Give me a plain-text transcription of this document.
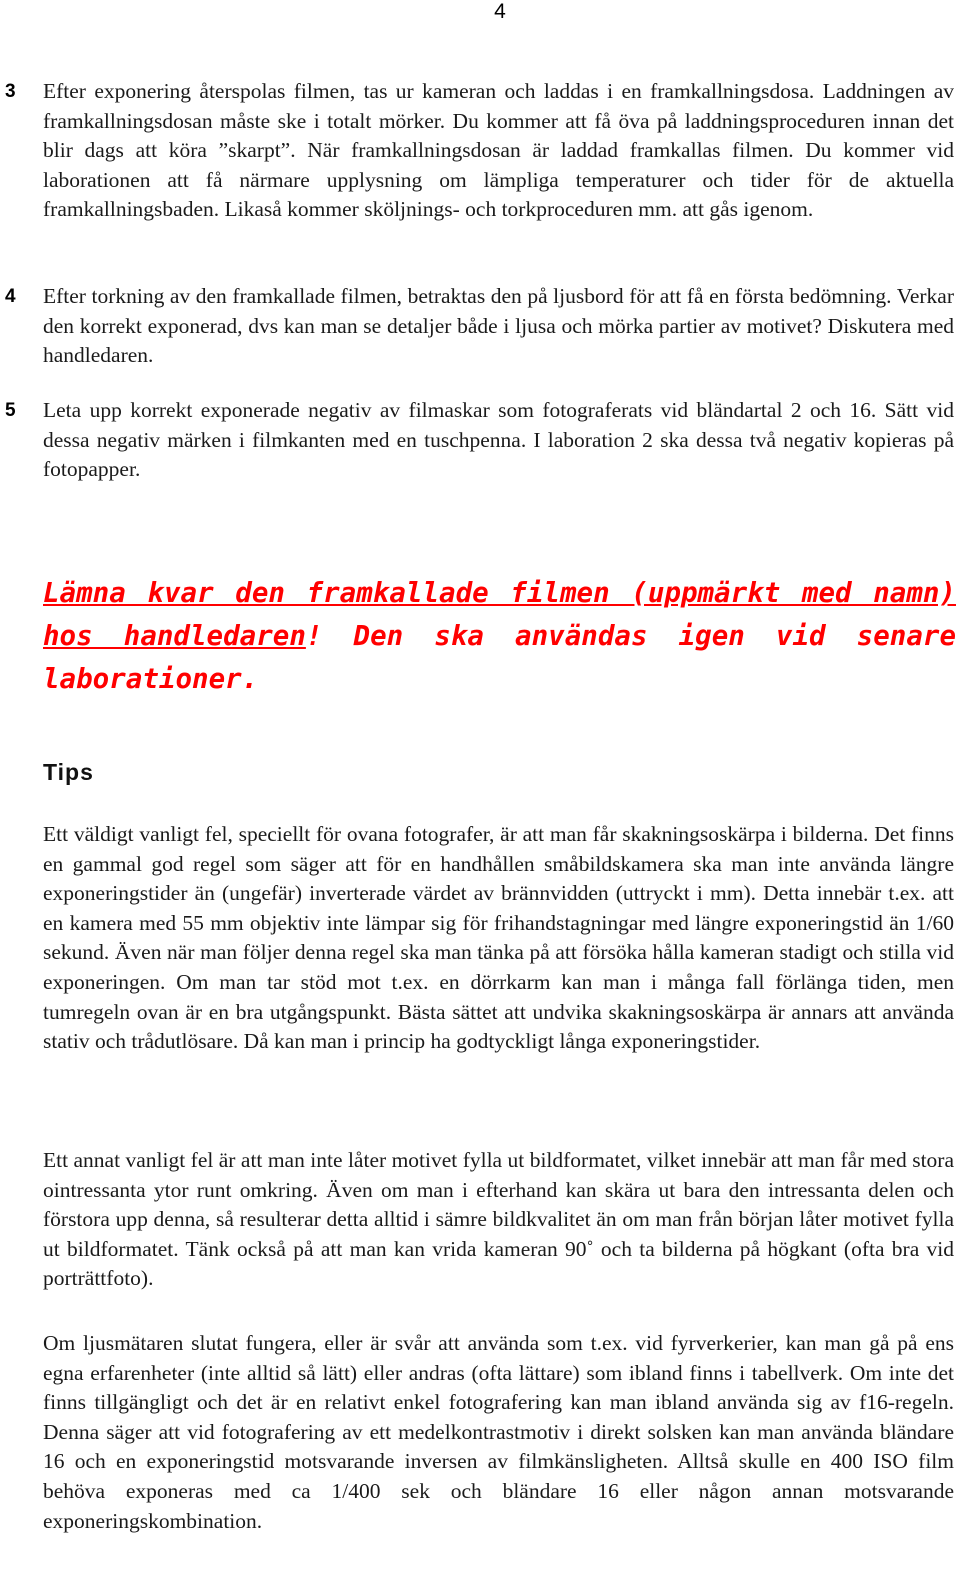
4
3 Efter exponering återspolas filmen, tas ur kameran och laddas i en framkallningsdosa. Laddningen av framkallningsdosan måste ske i totalt mörker. Du kommer att få öva på laddningsproceduren innan det blir dags att köra ”skarpt”. När framkallningsdosan är laddad framkallas filmen. Du kommer vid laborationen att få närmare upplysning om lämpliga temperaturer och tider för de aktuella framkallningsbaden. Likaså kommer sköljnings- och torkproceduren mm. att gås igenom.

4 Efter torkning av den framkallade filmen, betraktas den på ljusbord för att få en första bedömning. Verkar den korrekt exponerad, dvs kan man se detaljer både i ljusa och mörka partier av motivet? Diskutera med handledaren.

5 Leta upp korrekt exponerade negativ av filmaskar som fotograferats vid bländartal 2 och 16. Sätt vid dessa negativ märken i filmkanten med en tuschpenna. I laboration 2 ska dessa två negativ kopieras på fotopapper.

Lämna kvar den framkallade filmen (uppmärkt med namn) hos handledaren! Den ska användas igen vid senare laborationer.

Tips

Ett väldigt vanligt fel, speciellt för ovana fotografer, är att man får skakningsoskärpa i bilderna. Det finns en gammal god regel som säger att för en handhållen småbildskamera ska man inte använda längre exponeringstider än (ungefär) inverterade värdet av brännvidden (uttryckt i mm). Detta innebär t.ex. att en kamera med 55 mm objektiv inte lämpar sig för frihandstagningar med längre exponeringstid än 1/60 sekund. Även när man följer denna regel ska man tänka på att försöka hålla kameran stadigt och stilla vid exponeringen. Om man tar stöd mot t.ex. en dörrkarm kan man i många fall förlänga tiden, men tumregeln ovan är en bra utgångspunkt. Bästa sättet att undvika skakningsoskärpa är annars att använda stativ och trådutlösare. Då kan man i princip ha godtyckligt långa exponeringstider.

Ett annat vanligt fel är att man inte låter motivet fylla ut bildformatet, vilket innebär att man får med stora ointressanta ytor runt omkring. Även om man i efterhand kan skära ut bara den intressanta delen och förstora upp denna, så resulterar detta alltid i sämre bildkvalitet än om man från början låter motivet fylla ut bildformatet. Tänk också på att man kan vrida kameran 90˚ och ta bilderna på högkant (ofta bra vid porträttfoto).

Om ljusmätaren slutat fungera, eller är svår att använda som t.ex. vid fyrverkerier, kan man gå på ens egna erfarenheter (inte alltid så lätt) eller andras (ofta lättare) som ibland finns i tabellverk. Om inte det finns tillgängligt och det är en relativt enkel fotografering kan man ibland använda sig av f16-regeln. Denna säger att vid fotografering av ett medelkontrastmotiv i direkt solsken kan man använda bländare 16 och en exponeringstid motsvarande inversen av filmkänsligheten. Alltså skulle en 400 ISO film behöva exponeras med ca 1/400 sek och bländare 16 eller någon annan motsvarande exponeringskombination.
